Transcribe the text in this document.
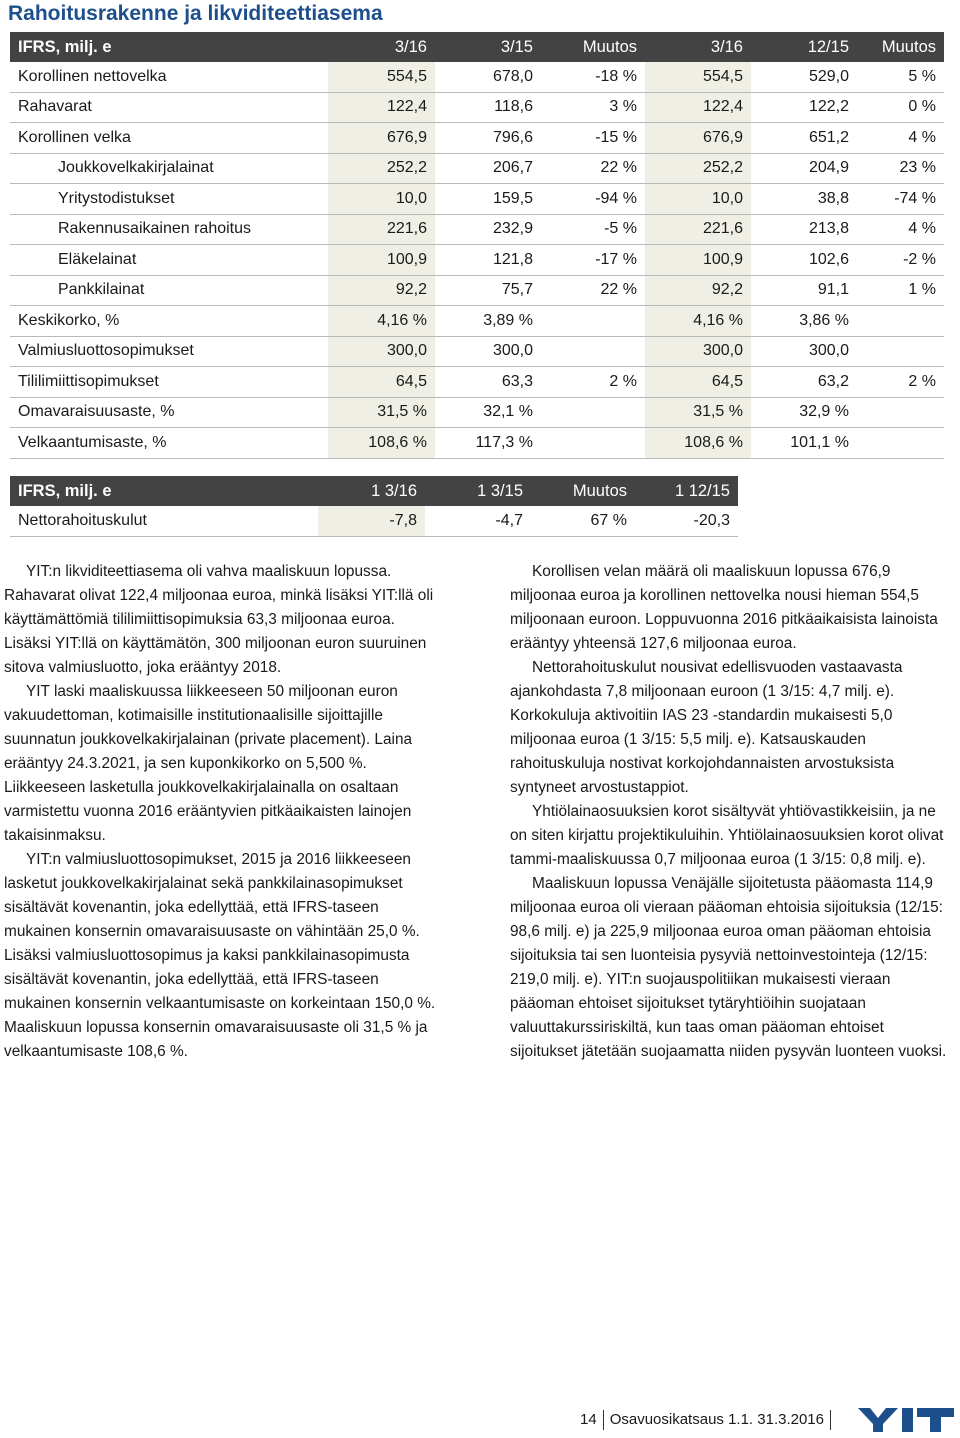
Rahoitusrakenne ja likviditeettiasema
IFRS, milj. e	3/16	3/15	Muutos	3/16	12/15	Muutos
Korollinen nettovelka	554,5	678,0	-18 %	554,5	529,0	5 %
Rahavarat	122,4	118,6	3 %	122,4	122,2	0 %
Korollinen velka	676,9	796,6	-15 %	676,9	651,2	4 %
Joukkovelkakirjalainat	252,2	206,7	22 %	252,2	204,9	23 %
Yritystodistukset	10,0	159,5	-94 %	10,0	38,8	-74 %
Rakennusaikainen rahoitus	221,6	232,9	-5 %	221,6	213,8	4 %
Eläkelainat	100,9	121,8	-17 %	100,9	102,6	-2 %
Pankkilainat	92,2	75,7	22 %	92,2	91,1	1 %
Keskikorko, %	4,16 %	3,89 %		4,16 %	3,86 %	
Valmiusluottosopimukset	300,0	300,0		300,0	300,0	
Tililimiittisopimukset	64,5	63,3	2 %	64,5	63,2	2 %
Omavaraisuusaste, %	31,5 %	32,1 %		31,5 %	32,9 %	
Velkaantumisaste, %	108,6 %	117,3 %		108,6 %	101,1 %	
IFRS, milj. e	1 3/16	1 3/15	Muutos	1 12/15
Nettorahoituskulut	-7,8	-4,7	67 %	-20,3

YIT:n likviditeettiasema oli vahva maaliskuun lopussa. Rahavarat olivat 122,4 miljoonaa euroa, minkä lisäksi YIT:llä oli käyttämättömiä tililimiittisopimuksia 63,3 miljoonaa euroa. Lisäksi YIT:llä on käyttämätön, 300 miljoonan euron suuruinen sitova valmiusluotto, joka erääntyy 2018.

YIT laski maaliskuussa liikkeeseen 50 miljoonan euron vakuudettoman, kotimaisille institutionaalisille sijoittajille suunnatun joukkovelkakirjalainan (private placement). Laina erääntyy 24.3.2021, ja sen kuponkikorko on 5,500 %. Liikkeeseen lasketulla joukkovelkakirjalainalla on osaltaan varmistettu vuonna 2016 erääntyvien pitkäaikaisten lainojen takaisinmaksu.

YIT:n valmiusluottosopimukset, 2015 ja 2016 liikkeeseen lasketut joukkovelkakirjalainat sekä pankkilainasopimukset sisältävät kovenantin, joka edellyttää, että IFRS-taseen mukainen konsernin omavaraisuusaste on vähintään 25,0 %. Lisäksi valmiusluottosopimus ja kaksi pankkilainasopimusta sisältävät kovenantin, joka edellyttää, että IFRS-taseen mukainen konsernin velkaantumisaste on korkeintaan 150,0 %. Maaliskuun lopussa konsernin omavaraisuusaste oli 31,5 % ja velkaantumisaste 108,6 %.

Korollisen velan määrä oli maaliskuun lopussa 676,9 miljoonaa euroa ja korollinen nettovelka nousi hieman 554,5 miljoonaan euroon. Loppuvuonna 2016 pitkäaikaisista lainoista erääntyy yhteensä 127,6 miljoonaa euroa.

Nettorahoituskulut nousivat edellisvuoden vastaavasta ajankohdasta 7,8 miljoonaan euroon (1 3/15: 4,7 milj. e). Korkokuluja aktivoitiin IAS 23 -standardin mukaisesti 5,0 miljoonaa euroa (1 3/15: 5,5 milj. e). Katsauskauden rahoituskuluja nostivat korkojohdannaisten arvostuksista syntyneet arvostustappiot.

Yhtiölainaosuuksien korot sisältyvät yhtiövastikkeisiin, ja ne on siten kirjattu projektikuluihin. Yhtiölainaosuuksien korot olivat tammi-maaliskuussa 0,7 miljoonaa euroa (1 3/15: 0,8 milj. e).

Maaliskuun lopussa Venäjälle sijoitetusta pääomasta 114,9 miljoonaa euroa oli vieraan pääoman ehtoisia sijoituksia (12/15: 98,6 milj. e) ja 225,9 miljoonaa euroa oman pääoman ehtoisia sijoituksia tai sen luonteisia pysyviä nettoinvestointeja (12/15: 219,0 milj. e). YIT:n suojauspolitiikan mukaisesti vieraan pääoman ehtoiset sijoitukset tytäryhtiöihin suojataan valuuttakurssiriskiltä, kun taas oman pääoman ehtoiset sijoitukset jätetään suojaamatta niiden pysyvän luonteen vuoksi.

14 Osavuosikatsaus 1.1. 31.3.2016
